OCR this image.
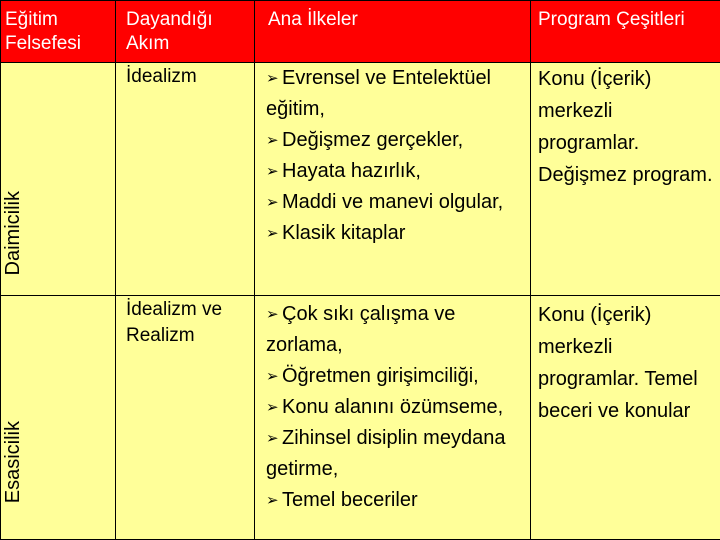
Eğitim Felsefesi	Dayandığı Akım	Ana İlkeler	Program Çeşitleri

Daimicilik	İdealizm	➢ Evrensel ve Entelektüel eğitim,
➢ Değişmez gerçekler,
➢ Hayata hazırlık,
➢ Maddi ve manevi olgular,
➢ Klasik kitaplar	Konu (İçerik) merkezli programlar. Değişmez program.

Esasicilik	İdealizm ve Realizm	➢ Çok sıkı çalışma ve zorlama,
➢ Öğretmen girişimciliği,
➢ Konu alanını özümseme,
➢ Zihinsel disiplin meydana getirme,
➢ Temel beceriler	Konu (İçerik) merkezli programlar. Temel beceri ve konular
